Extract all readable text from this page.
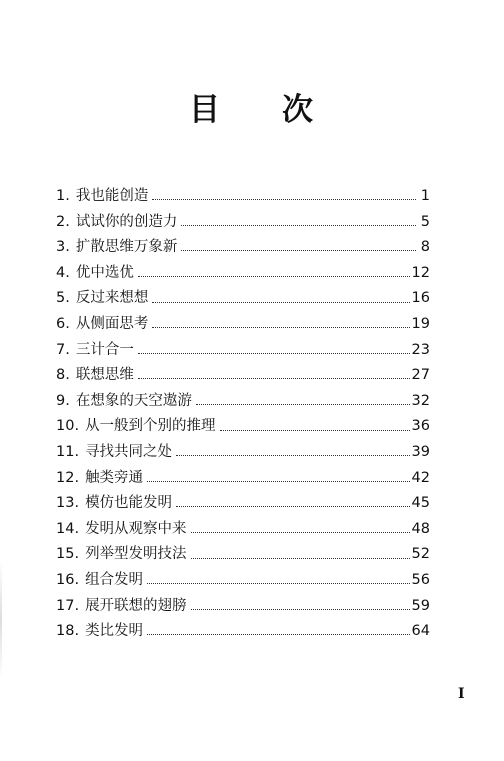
目 次
1. 我也能创造	1
2. 试试你的创造力	5
3. 扩散思维万象新	8
4. 优中选优	12
5. 反过来想想	16
6. 从侧面思考	19
7. 三计合一	23
8. 联想思维	27
9. 在想象的天空遨游	32
10. 从一般到个别的推理	36
11. 寻找共同之处	39
12. 触类旁通	42
13. 模仿也能发明	45
14. 发明从观察中来	48
15. 列举型发明技法	52
16. 组合发明	56
17. 展开联想的翅膀	59
18. 类比发明	64
I
